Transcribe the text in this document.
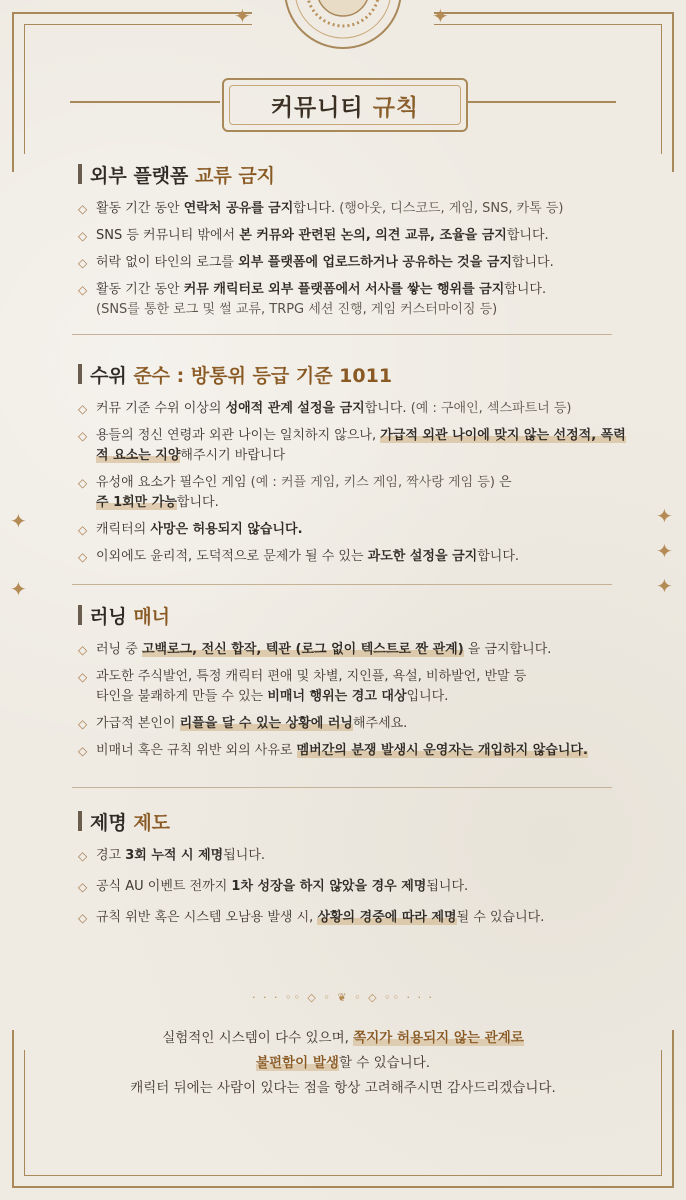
✦	✦
커뮤니티 규칙
✦
✦
✦
✦
✦
외부 플랫폼 교류 금지
◇ 활동 기간 동안 연락처 공유를 금지합니다. (행아웃, 디스코드, 게임, SNS, 카톡 등)
◇ SNS 등 커뮤니티 밖에서 본 커뮤와 관련된 논의, 의견 교류, 조율을 금지합니다.
◇ 허락 없이 타인의 로그를 외부 플랫폼에 업로드하거나 공유하는 것을 금지합니다.
◇ 활동 기간 동안 커뮤 캐릭터로 외부 플랫폼에서 서사를 쌓는 행위를 금지합니다.
(SNS를 통한 로그 및 썰 교류, TRPG 세션 진행, 게임 커스터마이징 등)
수위 준수 : 방통위 등급 기준 1011
◇ 커뮤 기준 수위 이상의 성애적 관계 설정을 금지합니다. (예 : 구애인, 섹스파트너 등)
◇ 용들의 정신 연령과 외관 나이는 일치하지 않으나, 가급적 외관 나이에 맞지 않는 선정적, 폭력적 요소는 지양해주시기 바랍니다
◇ 유성애 요소가 필수인 게임 (예 : 커플 게임, 키스 게임, 짝사랑 게임 등) 은
주 1회만 가능합니다.
◇ 캐릭터의 사망은 허용되지 않습니다.
◇ 이외에도 윤리적, 도덕적으로 문제가 될 수 있는 과도한 설정을 금지합니다.
러닝 매너
◇ 러닝 중 고백로그, 전신 합작, 텍관 (로그 없이 텍스트로 짠 관계) 을 금지합니다.
◇ 과도한 주식발언, 특정 캐릭터 편애 및 차별, 지인플, 욕설, 비하발언, 반말 등
타인을 불쾌하게 만들 수 있는 비매너 행위는 경고 대상입니다.
◇ 가급적 본인이 리플을 달 수 있는 상황에 러닝해주세요.
◇ 비매너 혹은 규칙 위반 외의 사유로 멤버간의 분쟁 발생시 운영자는 개입하지 않습니다.
제명 제도
◇ 경고 3회 누적 시 제명됩니다.
◇ 공식 AU 이벤트 전까지 1차 성장을 하지 않았을 경우 제명됩니다.
◇ 규칙 위반 혹은 시스템 오남용 발생 시, 상황의 경중에 따라 제명될 수 있습니다.
· · · ◦◦ ◇ ◦ ❦ ◦ ◇ ◦◦ · · ·
실험적인 시스템이 다수 있으며, 쪽지가 허용되지 않는 관계로
불편함이 발생할 수 있습니다.
캐릭터 뒤에는 사람이 있다는 점을 항상 고려해주시면 감사드리겠습니다.
